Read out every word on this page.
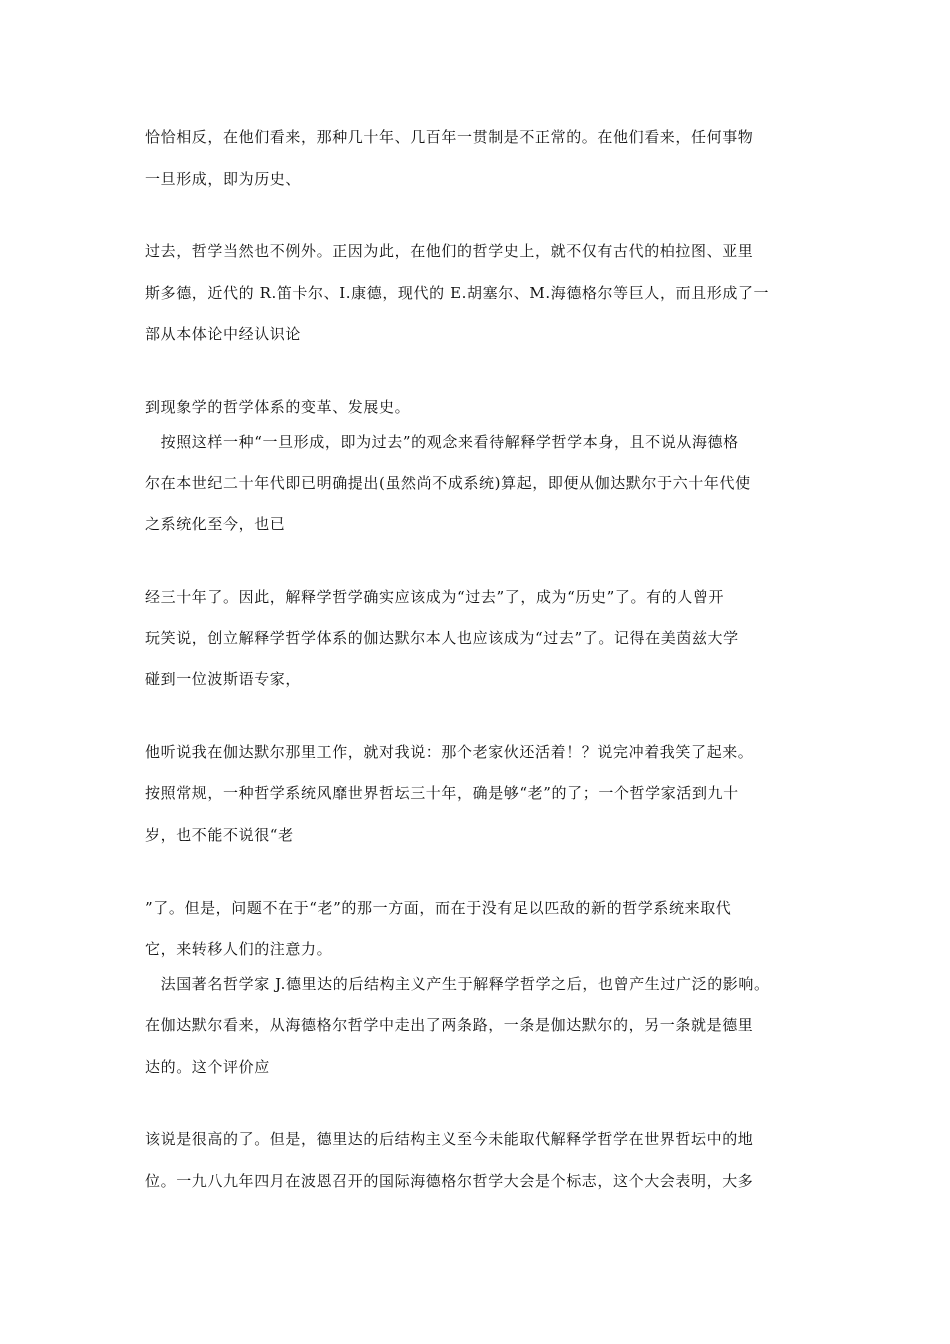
恰恰相反，在他们看来，那种几十年、几百年一贯制是不正常的。在他们看来，任何事物

一旦形成，即为历史、

过去，哲学当然也不例外。正因为此，在他们的哲学史上，就不仅有古代的柏拉图、亚里

斯多德，近代的 R.笛卡尔、I.康德，现代的 E.胡塞尔、M.海德格尔等巨人，而且形成了一

部从本体论中经认识论

到现象学的哲学体系的变革、发展史。

　按照这样一种“一旦形成，即为过去”的观念来看待解释学哲学本身，且不说从海德格

尔在本世纪二十年代即已明确提出(虽然尚不成系统)算起，即便从伽达默尔于六十年代使

之系统化至今，也已

经三十年了。因此，解释学哲学确实应该成为“过去”了，成为“历史”了。有的人曾开

玩笑说，创立解释学哲学体系的伽达默尔本人也应该成为“过去”了。记得在美茵兹大学

碰到一位波斯语专家，

他听说我在伽达默尔那里工作，就对我说：那个老家伙还活着！？说完冲着我笑了起来。

按照常规，一种哲学系统风靡世界哲坛三十年，确是够“老”的了；一个哲学家活到九十

岁，也不能不说很“老

”了。但是，问题不在于“老”的那一方面，而在于没有足以匹敌的新的哲学系统来取代

它，来转移人们的注意力。

　法国著名哲学家 J.德里达的后结构主义产生于解释学哲学之后，也曾产生过广泛的影响。

在伽达默尔看来，从海德格尔哲学中走出了两条路，一条是伽达默尔的，另一条就是德里

达的。这个评价应

该说是很高的了。但是，德里达的后结构主义至今未能取代解释学哲学在世界哲坛中的地

位。一九八九年四月在波恩召开的国际海德格尔哲学大会是个标志，这个大会表明，大多
